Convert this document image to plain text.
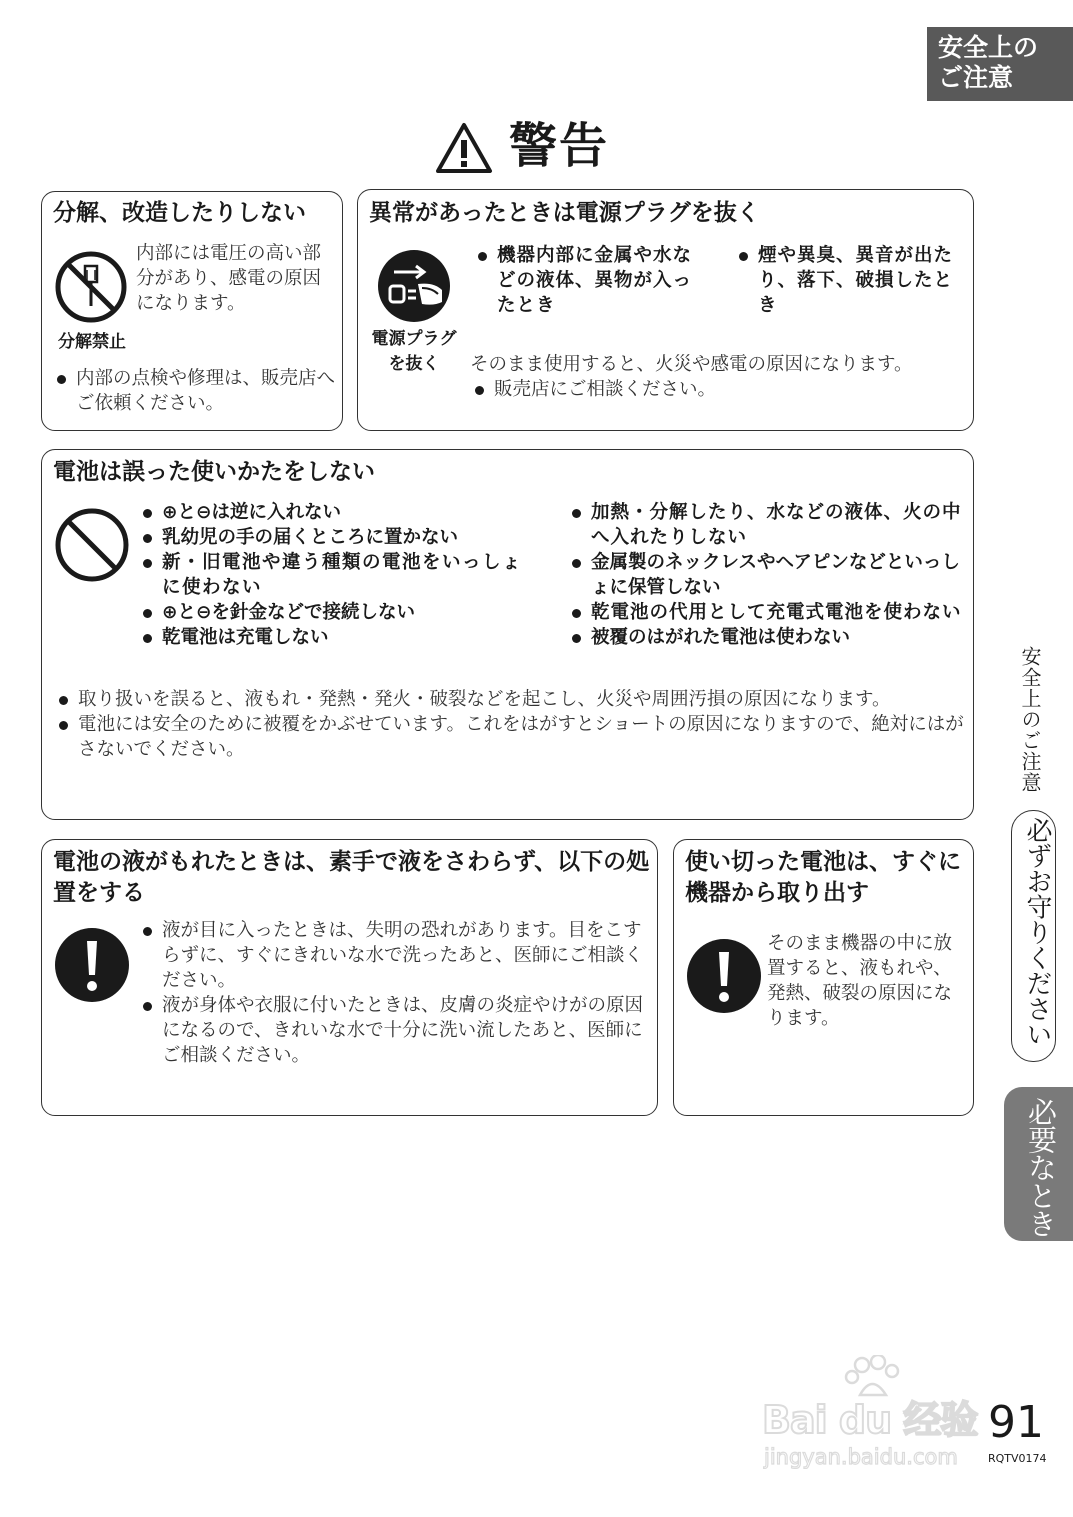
安全上の
ご注意
警告
分解、改造したりしない
分解禁止
内部には電圧の高い部分があり、感電の原因になります。
内部の点検や修理は、販売店へご依頼ください。
異常があったときは電源プラグを抜く
電源プラグ
を抜く
機器内部に金属や水などの液体、異物が入ったとき
煙や異臭、異音が出たり、落下、破損したとき
そのまま使用すると、火災や感電の原因になります。
販売店にご相談ください。
電池は誤った使いかたをしない
⊕と⊖は逆に入れない
乳幼児の手の届くところに置かない
新・旧電池や違う種類の電池をいっしょに使わない
⊕と⊖を針金などで接続しない
乾電池は充電しない
加熱・分解したり、水などの液体、火の中へ入れたりしない
金属製のネックレスやヘアピンなどといっしょに保管しない
乾電池の代用として充電式電池を使わない
被覆のはがれた電池は使わない
取り扱いを誤ると、液もれ・発熱・発火・破裂などを起こし、火災や周囲汚損の原因になります。
電池には安全のために被覆をかぶせています。これをはがすとショートの原因になりますので、絶対にはがさないでください。
電池の液がもれたときは、素手で液をさわらず、以下の処置をする
液が目に入ったときは、失明の恐れがあります。目をこすらずに、すぐにきれいな水で洗ったあと、医師にご相談ください。
液が身体や衣服に付いたときは、皮膚の炎症やけがの原因になるので、きれいな水で十分に洗い流したあと、医師にご相談ください。
使い切った電池は、すぐに機器から取り出す
そのまま機器の中に放置すると、液もれや、発熱、破裂の原因になります。
安全上のご注意
必ずお守りください
必要なとき
Bai du 经验
jingyan.baidu.com
91
RQTV0174
